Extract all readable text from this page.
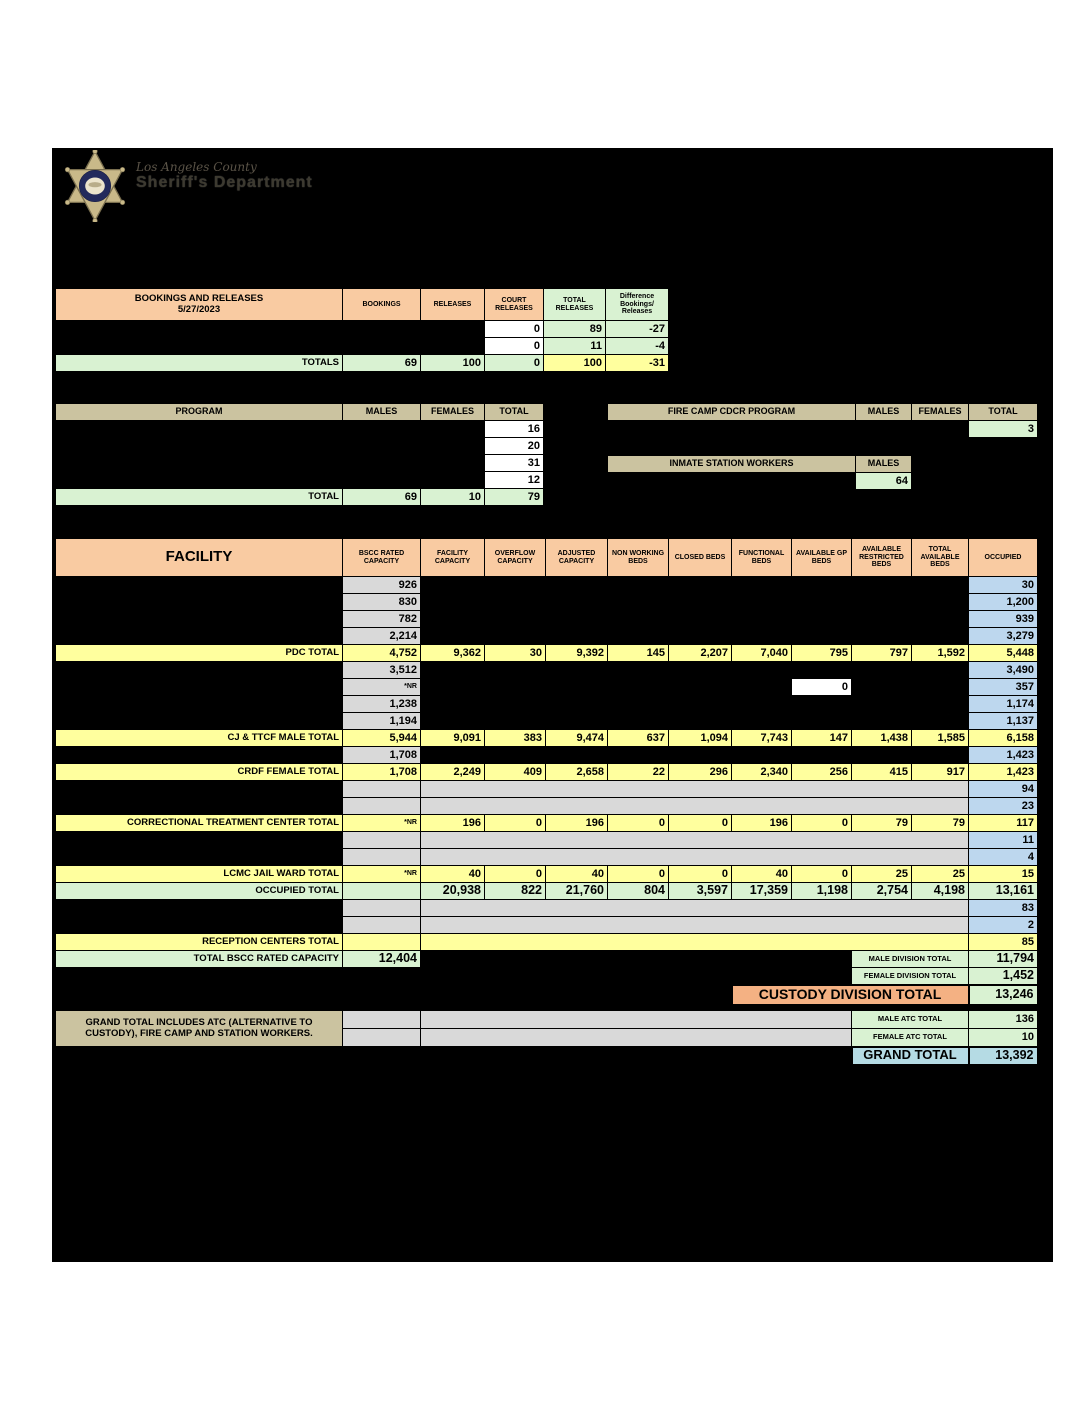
Los Angeles County
Sheriff's Department
BOOKINGS AND RELEASES
5/27/2023	BOOKINGS	RELEASES	COURT RELEASES	TOTAL RELEASES	Difference Bookings/ Releases
			0	89	-27
			0	11	-4
TOTALS	69	100	0	100	-31
PROGRAM	MALES	FEMALES	TOTAL
			16
			20
			31
			12
TOTAL	69	10	79
FIRE CAMP CDCR PROGRAM	MALES	FEMALES	TOTAL
			3
INMATE STATION WORKERS	MALES
	64
FACILITY	BSCC RATED CAPACITY	FACILITY CAPACITY	OVERFLOW CAPACITY	ADJUSTED CAPACITY	NON WORKING BEDS	CLOSED BEDS	FUNCTIONAL BEDS	AVAILABLE GP BEDS	AVAILABLE RESTRICTED BEDS	TOTAL AVAILABLE BEDS	OCCUPIED
	926										30
	830										1,200
	782										939
	2,214										3,279
PDC TOTAL	4,752	9,362	30	9,392	145	2,207	7,040	795	797	1,592	5,448
	3,512										3,490
	*NR							0			357
	1,238										1,174
	1,194										1,137
CJ & TTCF MALE TOTAL	5,944	9,091	383	9,474	637	1,094	7,743	147	1,438	1,585	6,158
	1,708										1,423
CRDF FEMALE TOTAL	1,708	2,249	409	2,658	22	296	2,340	256	415	917	1,423
											94
											23
CORRECTIONAL TREATMENT CENTER TOTAL	*NR	196	0	196	0	0	196	0	79	79	117
											11
											4
LCMC JAIL WARD TOTAL	*NR	40	0	40	0	0	40	0	25	25	15
OCCUPIED TOTAL		20,938	822	21,760	804	3,597	17,359	1,198	2,754	4,198	13,161
											83
											2
RECEPTION CENTERS TOTAL											85
TOTAL BSCC RATED CAPACITY	12,404								MALE DIVISION TOTAL		11,794
									FEMALE DIVISION TOTAL		1,452
							CUSTODY DIVISION TOTAL				13,246
GRAND TOTAL INCLUDES ATC (ALTERNATIVE TO CUSTODY), FIRE CAMP AND STATION WORKERS.			MALE ATC TOTAL	136
			FEMALE ATC TOTAL	10
			GRAND TOTAL	13,392
